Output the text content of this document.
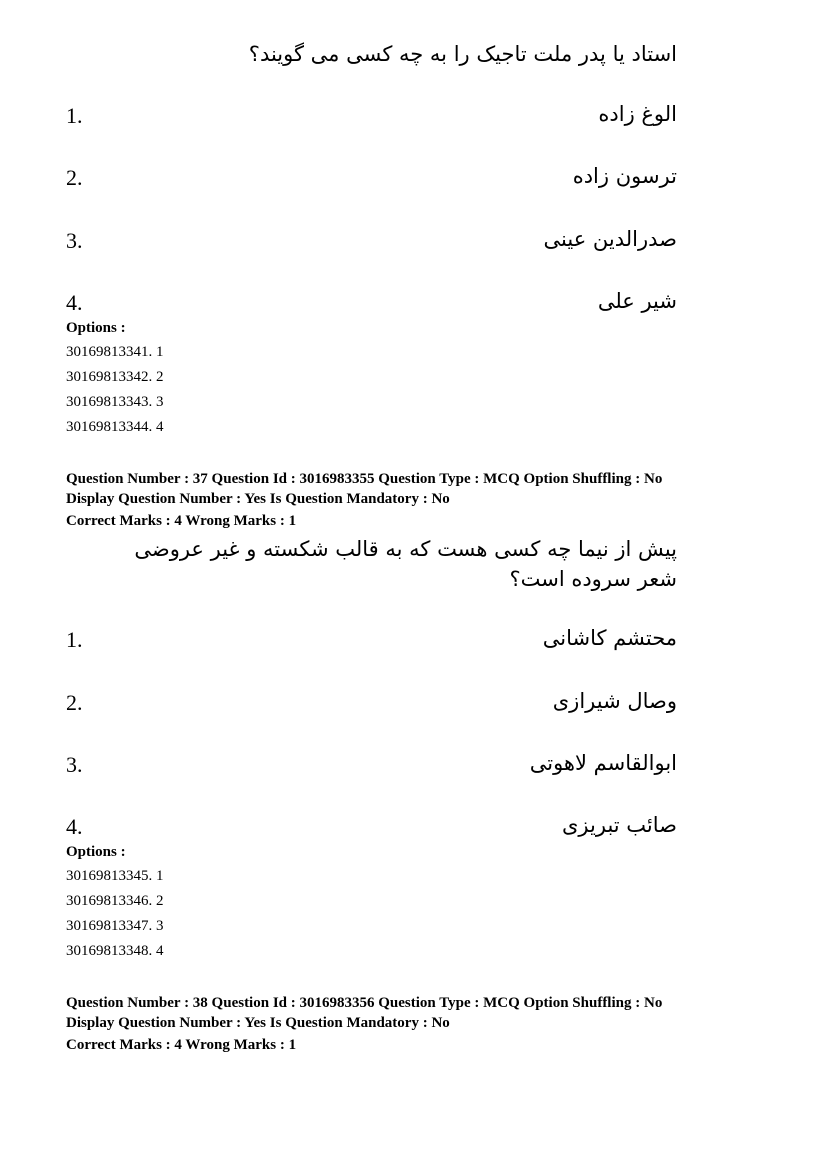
استاد یا پدر ملت تاجیک را به چه کسی می گویند؟
1.	الوغ زاده
2.	ترسون زاده
3.	صدرالدین عینی
4.	شیر علی
Options :
30169813341. 1
30169813342. 2
30169813343. 3
30169813344. 4
Question Number : 37 Question Id : 3016983355 Question Type : MCQ Option Shuffling : No
Display Question Number : Yes Is Question Mandatory : No
Correct Marks : 4 Wrong Marks : 1
پیش از نیما چه کسی هست که به قالب شکسته و غیر عروضی شعر سروده است؟
1.	محتشم کاشانی
2.	وصال شیرازی
3.	ابوالقاسم لاهوتی
4.	صائب تبریزی
Options :
30169813345. 1
30169813346. 2
30169813347. 3
30169813348. 4
Question Number : 38 Question Id : 3016983356 Question Type : MCQ Option Shuffling : No
Display Question Number : Yes Is Question Mandatory : No
Correct Marks : 4 Wrong Marks : 1
